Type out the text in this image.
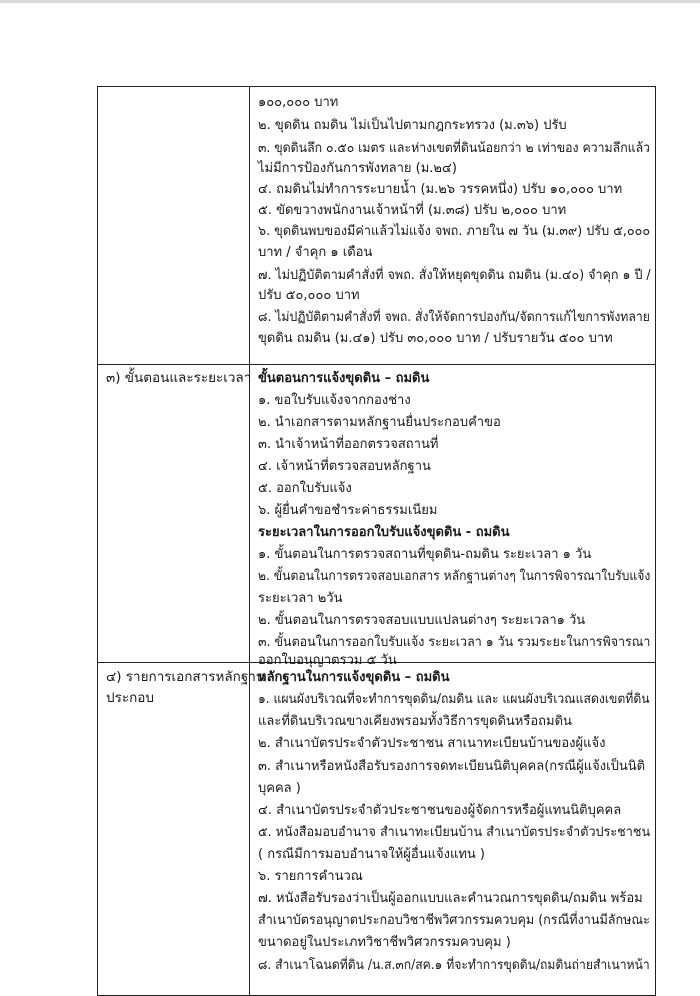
๑๐๐,๐๐๐ บาท
๒. ขุดดิน ถมดิน ไม่เป็นไปตามกฎกระทรวง (ม.๓๖) ปรับ
๓. ขุดดินลึก ๐.๕๐ เมตร และห่างเขตที่ดินน้อยกว่า ๒ เท่าของ ความลึกแล้ว
ไม่มีการป้องกันการพังทลาย (ม.๒๔)
๔. ถมดินไม่ทำการระบายน้ำ (ม.๒๖ วรรคหนึ่ง) ปรับ ๑๐,๐๐๐ บาท
๕. ขัดขวางพนักงานเจ้าหน้าที่ (ม.๓๘) ปรับ ๒,๐๐๐ บาท
๖. ขุดดินพบของมีค่าแล้วไม่แจ้ง จพถ. ภายใน ๗ วัน (ม.๓๙) ปรับ ๕,๐๐๐
บาท / จำคุก ๑ เดือน
๗. ไม่ปฏิบัติตามคำสั่งที่ จพถ. สั่งให้หยุดขุดดิน ถมดิน (ม.๔๐) จำคุก ๑ ปี /
ปรับ ๕๐,๐๐๐ บาท
๘. ไม่ปฏิบัติตามคำสั่งที่ จพถ. สั่งให้จัดการปองกัน/จัดการแก้ไขการพังทลาย
ขุดดิน ถมดิน (ม.๔๑) ปรับ ๓๐,๐๐๐ บาท / ปรับรายวัน ๕๐๐ บาท
๓) ขั้นตอนและระยะเวลา ขั้นตอนการแจ้งขุดดิน – ถมดิน
๑. ขอใบรับแจ้งจากกองช่าง
๒. นำเอกสารตามหลักฐานยื่นประกอบคำขอ
๓. นำเจ้าหน้าที่ออกตรวจสถานที่
๔. เจ้าหน้าที่ตรวจสอบหลักฐาน
๕. ออกใบรับแจ้ง
๖. ผู้ยื่นคำขอชำระค่าธรรมเนียม
ระยะเวลาในการออกใบรับแจ้งขุดดิน - ถมดิน
๑. ขั้นตอนในการตรวจสถานที่ขุดดิน-ถมดิน ระยะเวลา ๑ วัน
๒. ขั้นตอนในการตรวจสอบเอกสาร หลักฐานต่างๆ ในการพิจารณาใบรับแจ้ง
ระยะเวลา ๒วัน
๒. ขั้นตอนในการตรวจสอบแบบแปลนต่างๆ ระยะเวลา๑ วัน
๓. ขั้นตอนในการออกใบรับแจ้ง ระยะเวลา ๑ วัน รวมระยะในการพิจารณา
ออกใบอนุญาตรวม ๕ วัน
๔) รายการเอกสารหลักฐาน
ประกอบ
หลักฐานในการแจ้งขุดดิน – ถมดิน
๑. แผนผังบริเวณที่จะทำการขุดดิน/ถมดิน และ แผนผังบริเวณแสดงเขตที่ดิน
และที่ดินบริเวณขางเคียงพรอมทั้งวิธีการขุดดินหรือถมดิน
๒. สำเนาบัตรประจำตัวประชาชน สาเนาทะเบียนบ้านของผู้แจ้ง
๓. สำเนาหรือหนังสือรับรองการจดทะเบียนนิติบุคคล(กรณีผู้แจ้งเป็นนิติ
บุคคล )
๔. สำเนาบัตรประจำตัวประชาชนของผู้จัดการหรือผู้แทนนิติบุคคล
๕. หนังสือมอบอำนาจ สำเนาทะเบียนบ้าน สำเนาบัตรประจำตัวประชาชน
( กรณีมีการมอบอำนาจให้ผู้อื่นแจ้งแทน )
๖. รายการคำนวณ
๗. หนังสือรับรองว่าเป็นผู้ออกแบบและคำนวณการขุดดิน/ถมดิน พร้อม
สำเนาบัตรอนุญาตประกอบวิชาชีพวิศวกรรมควบคุม (กรณีที่งานมีลักษณะ
ขนาดอยู่ในประเภทวิชาชีพวิศวกรรมควบคุม )
๘. สำเนาโฉนดที่ดิน /น.ส.๓ก/สค.๑ ที่จะทำการขุดดิน/ถมดินถ่ายสำเนาหน้า
